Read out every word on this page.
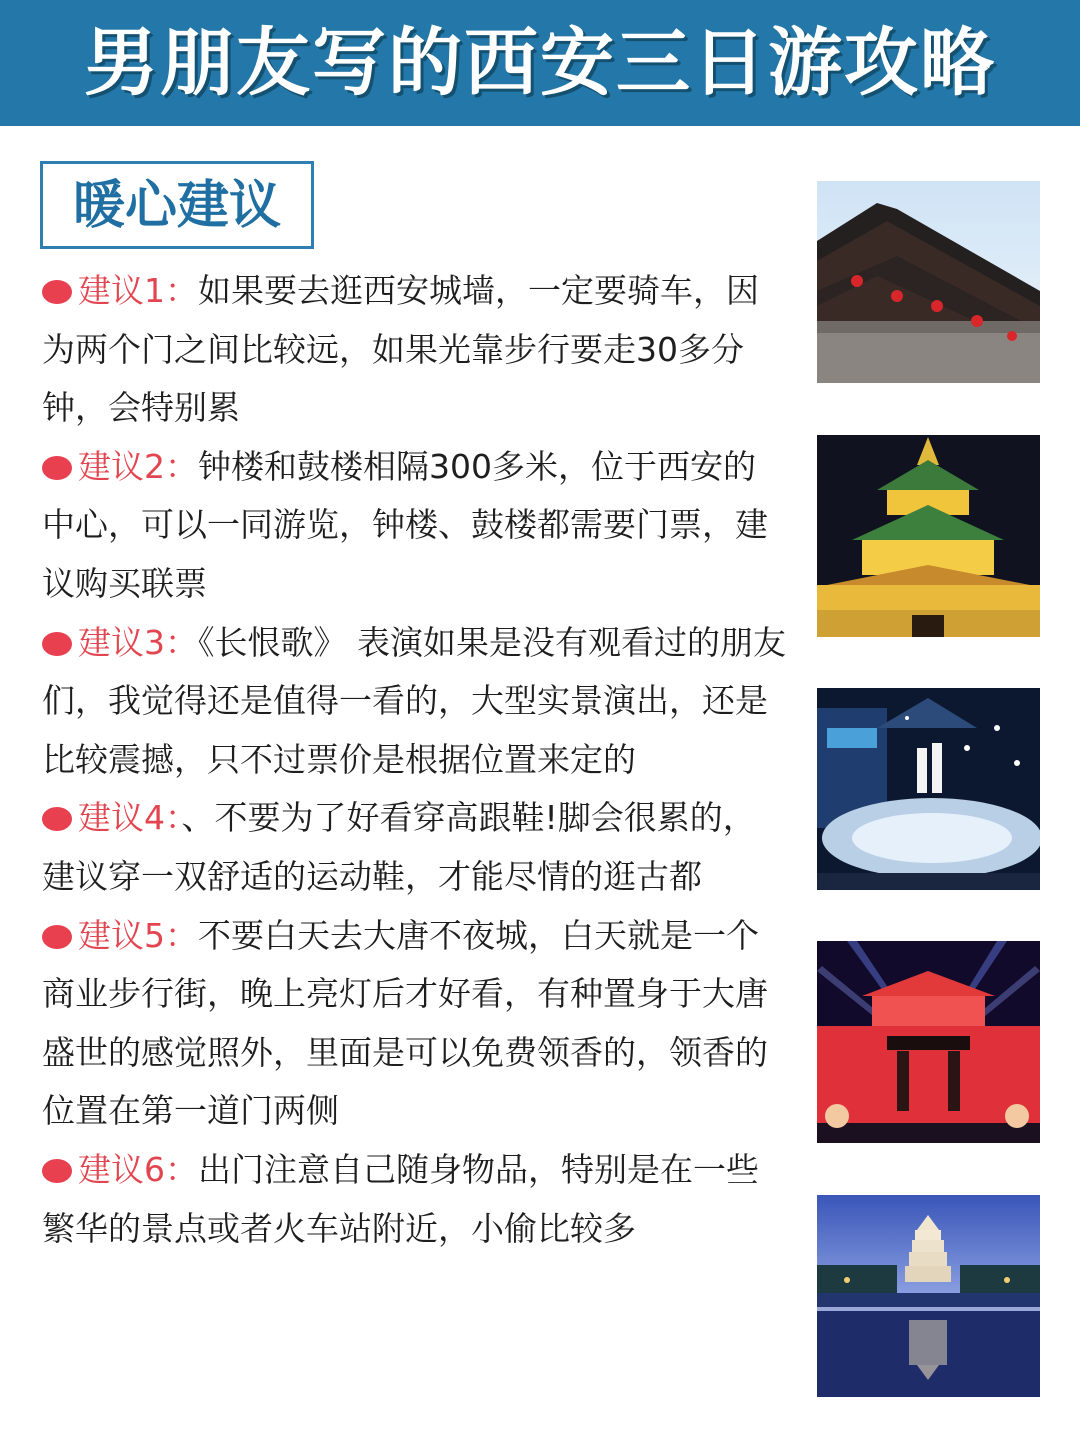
男朋友写的西安三日游攻略
暖心建议
建议1：如果要去逛西安城墙，一定要骑车，因为两个门之间比较远，如果光靠步行要走30多分钟，会特别累
建议2：钟楼和鼓楼相隔300多米，位于西安的中心，可以一同游览，钟楼、鼓楼都需要门票，建议购买联票
建议3：《长恨歌》 表演如果是没有观看过的朋友们，我觉得还是值得一看的，大型实景演出，还是比较震撼，只不过票价是根据位置来定的
建议4：、不要为了好看穿高跟鞋!脚会很累的，建议穿一双舒适的运动鞋，才能尽情的逛古都
建议5：不要白天去大唐不夜城，白天就是一个商业步行街，晚上亮灯后才好看，有种置身于大唐盛世的感觉照外，里面是可以免费领香的，领香的位置在第一道门两侧
建议6：出门注意自己随身物品，特别是在一些繁华的景点或者火车站附近，小偷比较多
